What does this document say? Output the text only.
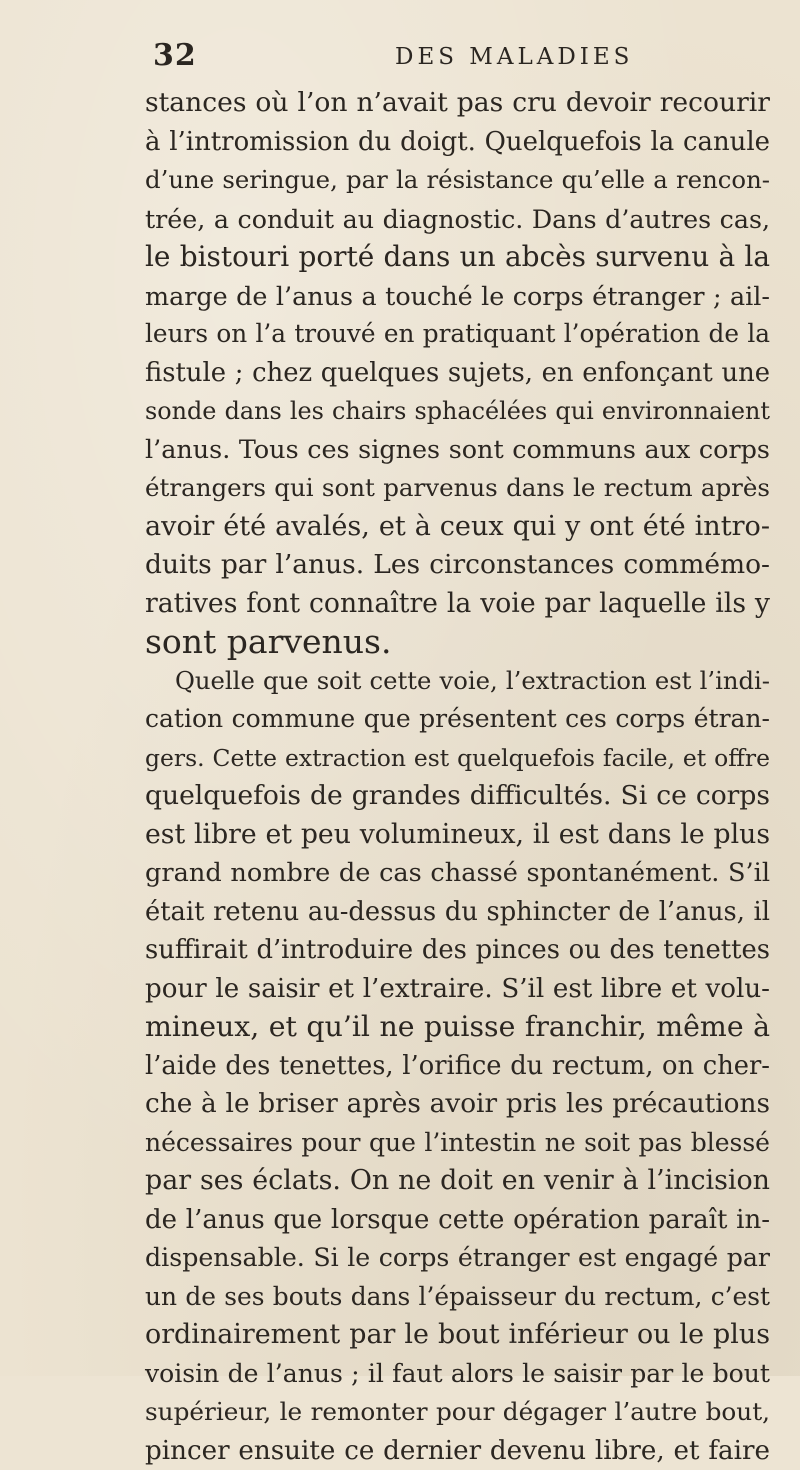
32	DES MALADIES
stances où l’on n’avait pas cru devoir recourir
à l’intromission du doigt. Quelquefois la canule
d’une seringue, par la résistance qu’elle a rencon-
trée, a conduit au diagnostic. Dans d’autres cas,
le bistouri porté dans un abcès survenu à la
marge de l’anus a touché le corps étranger ; ail-
leurs on l’a trouvé en pratiquant l’opération de la
fistule ; chez quelques sujets, en enfonçant une
sonde dans les chairs sphacélées qui environnaient
l’anus. Tous ces signes sont communs aux corps
étrangers qui sont parvenus dans le rectum après
avoir été avalés, et à ceux qui y ont été intro-
duits par l’anus. Les circonstances commémo-
ratives font connaître la voie par laquelle ils y
sont parvenus.
Quelle que soit cette voie, l’extraction est l’indi-
cation commune que présentent ces corps étran-
gers. Cette extraction est quelquefois facile, et offre
quelquefois de grandes difficultés. Si ce corps
est libre et peu volumineux, il est dans le plus
grand nombre de cas chassé spontanément. S’il
était retenu au-dessus du sphincter de l’anus, il
suffirait d’introduire des pinces ou des tenettes
pour le saisir et l’extraire. S’il est libre et volu-
mineux, et qu’il ne puisse franchir, même à
l’aide des tenettes, l’orifice du rectum, on cher-
che à le briser après avoir pris les précautions
nécessaires pour que l’intestin ne soit pas blessé
par ses éclats. On ne doit en venir à l’incision
de l’anus que lorsque cette opération paraît in-
dispensable. Si le corps étranger est engagé par
un de ses bouts dans l’épaisseur du rectum, c’est
ordinairement par le bout inférieur ou le plus
voisin de l’anus ; il faut alors le saisir par le bout
supérieur, le remonter pour dégager l’autre bout,
pincer ensuite ce dernier devenu libre, et faire
